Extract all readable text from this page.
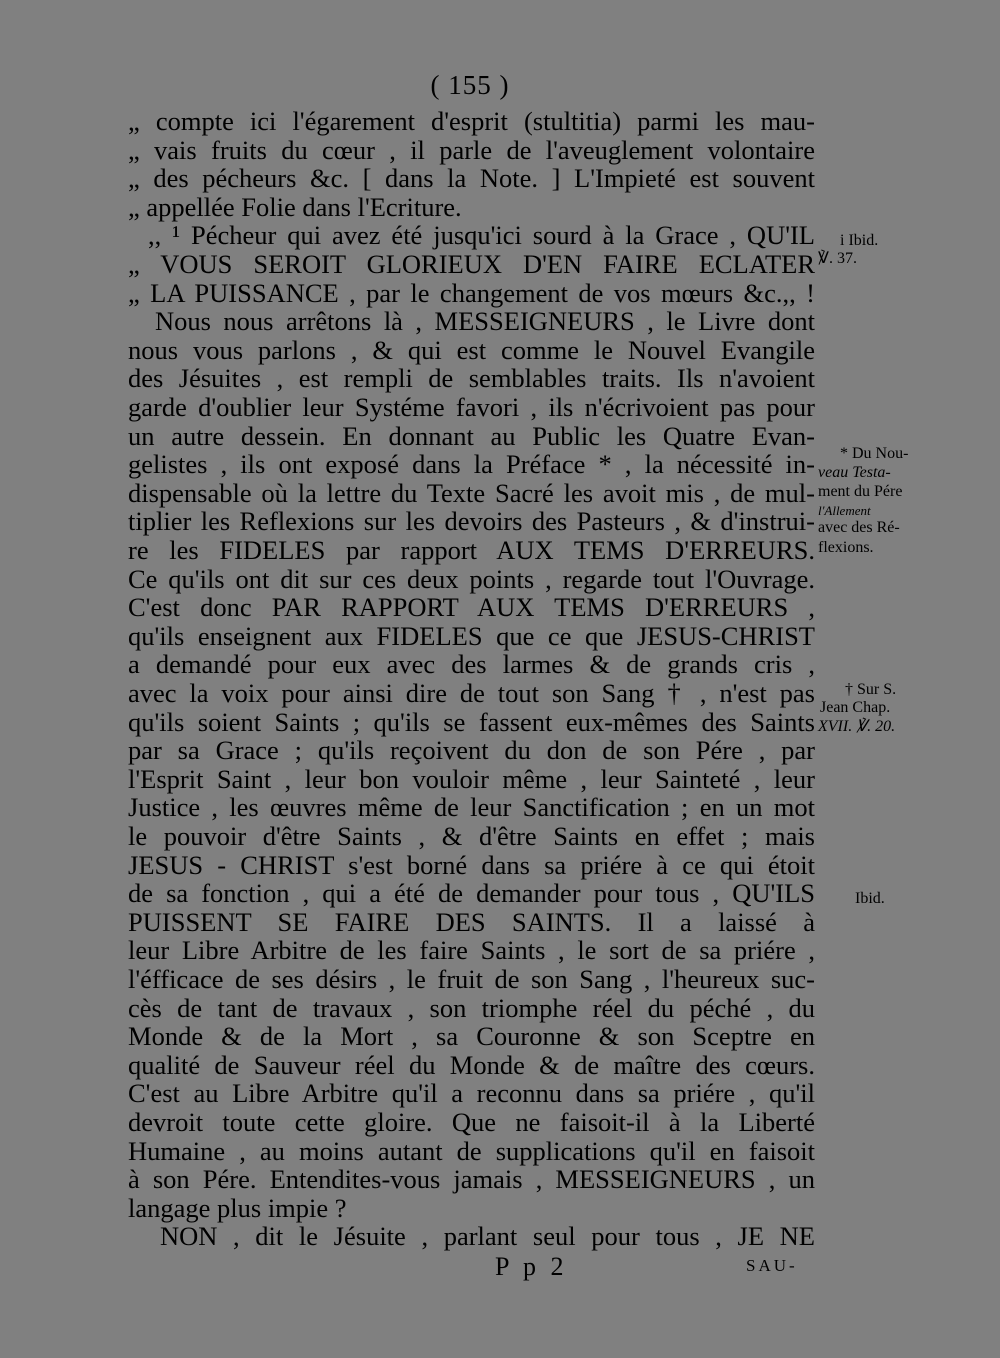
( 155 )
„ compte ici l'égarement d'esprit (stultitia) parmi les mau-
„ vais fruits du cœur , il parle de l'aveuglement volontaire
„ des pécheurs &c. [ dans la Note. ] L'Impieté est souvent
„ appellée Folie dans l'Ecriture.
,, ¹ Pécheur qui avez été jusqu'ici sourd à la Grace , QU'IL
„ VOUS SEROIT GLORIEUX D'EN FAIRE ECLATER
„ LA PUISSANCE , par le changement de vos mœurs &c.,, !
Nous nous arrêtons là , MESSEIGNEURS , le Livre dont
nous vous parlons , & qui est comme le Nouvel Evangile
des Jésuites , est rempli de semblables traits. Ils n'avoient
garde d'oublier leur Systéme favori , ils n'écrivoient pas pour
un autre dessein. En donnant au Public les Quatre Evan-
gelistes , ils ont exposé dans la Préface * , la nécessité in-
dispensable où la lettre du Texte Sacré les avoit mis , de mul-
tiplier les Reflexions sur les devoirs des Pasteurs , & d'instrui-
re les FIDELES par rapport AUX TEMS D'ERREURS.
Ce qu'ils ont dit sur ces deux points , regarde tout l'Ouvrage.
C'est donc PAR RAPPORT AUX TEMS D'ERREURS ,
qu'ils enseignent aux FIDELES que ce que JESUS-CHRIST
a demandé pour eux avec des larmes & de grands cris ,
avec la voix pour ainsi dire de tout son Sang † , n'est pas
qu'ils soient Saints ; qu'ils se fassent eux-mêmes des Saints
par sa Grace ; qu'ils reçoivent du don de son Pére , par
l'Esprit Saint , leur bon vouloir même , leur Sainteté , leur
Justice , les œuvres même de leur Sanctification ; en un mot
le pouvoir d'être Saints , & d'être Saints en effet ; mais
JESUS - CHRIST s'est borné dans sa priére à ce qui étoit
de sa fonction , qui a été de demander pour tous , QU'ILS
PUISSENT SE FAIRE DES SAINTS. Il a laissé à
leur Libre Arbitre de les faire Saints , le sort de sa priére ,
l'éfficace de ses désirs , le fruit de son Sang , l'heureux suc-
cès de tant de travaux , son triomphe réel du péché , du
Monde & de la Mort , sa Couronne & son Sceptre en
qualité de Sauveur réel du Monde & de maître des cœurs.
C'est au Libre Arbitre qu'il a reconnu dans sa priére , qu'il
devroit toute cette gloire. Que ne faisoit-il à la Liberté
Humaine , au moins autant de supplications qu'il en faisoit
à son Pére. Entendites-vous jamais , MESSEIGNEURS , un
langage plus impie ?
NON , dit le Jésuite , parlant seul pour tous , JE NE
i Ibid.
℣. 37.
* Du Nou-
veau Testa-
ment du Pére
l'Allement
avec des Ré-
flexions.
† Sur S.
Jean Chap.
XVII. ℣. 20.
Ibid.
P p 2	SAU-
